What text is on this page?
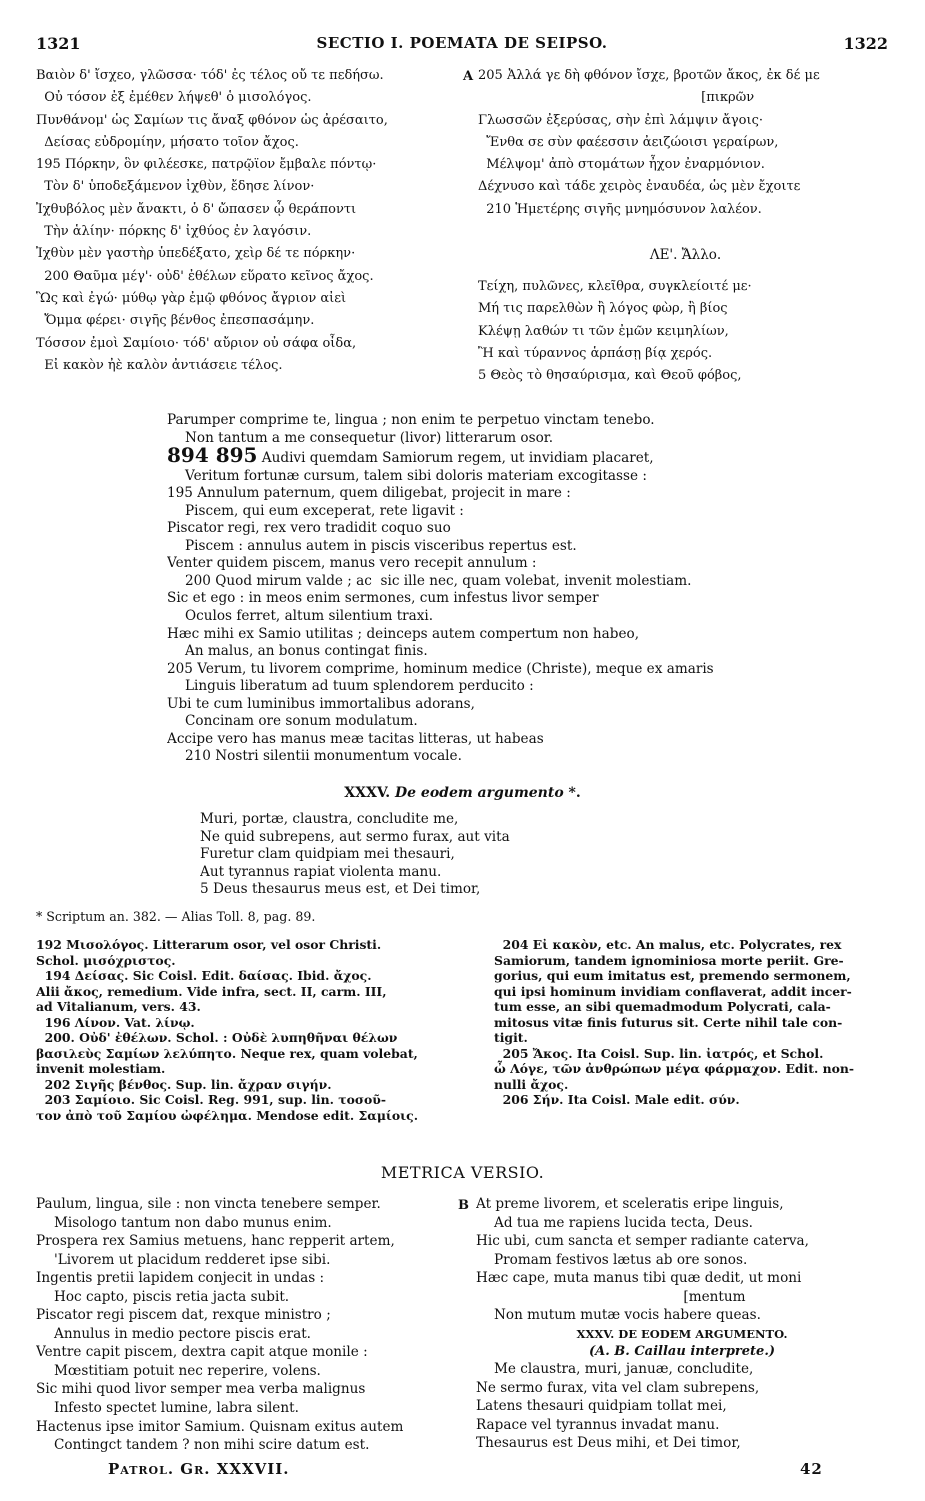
1321	SECTIO I. POEMATA DE SEIPSO.	1322
Βαιὸν δ' ἴσχεο, γλῶσσα· τόδ' ἐς τέλος οὔ τε πεδήσω.
Οὐ τόσον ἐξ ἐμέθεν λήψεθ' ὁ μισολόγος.
Πυνθάνομ' ὡς Σαμίων τις ἄναξ φθόνον ὡς ἀρέσαιτο,
Δείσας εὐδρομίην, μήσατο τοῖον ἄχος.
195 Πόρκην, ὃν φιλέεσκε, πατρῷϊον ἔμβαλε πόντῳ·
Τὸν δ' ὑποδεξάμενον ἰχθὺν, ἔδησε λίνον·
Ἰχθυβόλος μὲν ἄνακτι, ὁ δ' ὤπασεν ᾧ θεράποντι
Τὴν ἁλίην· πόρκης δ' ἰχθύος ἐν λαγόσιν.
Ἰχθὺν μὲν γαστὴρ ὑπεδέξατο, χεὶρ δέ τε πόρκην·
200 Θαῦμα μέγ'· οὐδ' ἐθέλων εὕρατο κεῖνος ἄχος.
Ὣς καὶ ἐγώ· μύθῳ γὰρ ἐμῷ φθόνος ἄγριον αἰεὶ
Ὄμμα φέρει· σιγῆς βένθος ἐπεσπασάμην.
Τόσσον ἐμοὶ Σαμίοιο· τόδ' αὔριον οὐ σάφα οἶδα,
Εἰ κακὸν ἠὲ καλὸν ἀντιάσειε τέλος.
A 205 Ἀλλά γε δὴ φθόνον ἴσχε, βροτῶν ἄκος, ἐκ δέ με
[πικρῶν
Γλωσσῶν ἐξερύσας, σὴν ἐπὶ λάμψιν ἄγοις·
Ἔνθα σε σὺν φαέεσσιν ἀειζώοισι γεραίρων,
Μέλψομ' ἀπὸ στομάτων ἦχον ἐναρμόνιον.
Δέχνυσο καὶ τάδε χειρὸς ἐναυδέα, ὡς μὲν ἔχοιτε
210 Ἡμετέρης σιγῆς μνημόσυνον λαλέον.
ΛΕ'. Ἄλλο.
Τείχη, πυλῶνες, κλεῖθρα, συγκλείοιτέ με·
Μή τις παρελθὼν ἢ λόγος φὼρ, ἢ βίος
Κλέψῃ λαθών τι τῶν ἐμῶν κειμηλίων,
Ἢ καὶ τύραννος ἁρπάσῃ βίᾳ χερός.
5 Θεὸς τὸ θησαύρισμα, καὶ Θεοῦ φόβος,
Parumper comprime te, lingua ; non enim te perpetuo vinctam tenebo.
Non tantum a me consequetur (livor) litterarum osor.
894 895 Audivi quemdam Samiorum regem, ut invidiam placaret,
Veritum fortunæ cursum, talem sibi doloris materiam excogitasse :
195 Annulum paternum, quem diligebat, projecit in mare :
Piscem, qui eum exceperat, rete ligavit :
Piscator regi, rex vero tradidit coquo suo
Piscem : annulus autem in piscis visceribus repertus est.
Venter quidem piscem, manus vero recepit annulum :
200 Quod mirum valde ; ac  sic ille nec, quam volebat, invenit molestiam.
Sic et ego : in meos enim sermones, cum infestus livor semper
Oculos ferret, altum silentium traxi.
Hæc mihi ex Samio utilitas ; deinceps autem compertum non habeo,
An malus, an bonus contingat finis.
205 Verum, tu livorem comprime, hominum medice (Christe), meque ex amaris
Linguis liberatum ad tuum splendorem perducito :
Ubi te cum luminibus immortalibus adorans,
Concinam ore sonum modulatum.
Accipe vero has manus meæ tacitas litteras, ut habeas
210 Nostri silentii monumentum vocale.
XXXV. De eodem argumento *.
Muri, portæ, claustra, concludite me,
Ne quid subrepens, aut sermo furax, aut vita
Furetur clam quidpiam mei thesauri,
Aut tyrannus rapiat violenta manu.
5 Deus thesaurus meus est, et Dei timor,
* Scriptum an. 382. — Alias Toll. 8, pag. 89.
192 Μισολόγος. Litterarum osor, vel osor Christi.
Schol. μισόχριστος.
194 Δείσας. Sic Coisl. Edit. δαίσας. Ibid. ἄχος.
Alii ἄκος, remedium. Vide infra, sect. II, carm. III,
ad Vitalianum, vers. 43.
196 Λίνον. Vat. λίνῳ.
200. Οὐδ' ἐθέλων. Schol. : Οὐδὲ λυπηθῆναι θέλων
βασιλεὺς Σαμίων λελύπητο. Neque rex, quam volebat,
invenit molestiam.
202 Σιγῆς βένθος. Sup. lin. ἄχραν σιγήν.
203 Σαμίοιο. Sic Coisl. Reg. 991, sup. lin. τοσοῦ-
τον ἀπὸ τοῦ Σαμίου ὠφέλημα. Mendose edit. Σαμίοις.
204 Εἰ κακὸν, etc. An malus, etc. Polycrates, rex
Samiorum, tandem ignominiosa morte periit. Gre-
gorius, qui eum imitatus est, premendo sermonem,
qui ipsi hominum invidiam conflaverat, addit incer-
tum esse, an sibi quemadmodum Polycrati, cala-
mitosus vitæ finis futurus sit. Certe nihil tale con-
tigit.
205 Ἄκος. Ita Coisl. Sup. lin. ἰατρός, et Schol.
ὦ Λόγε, τῶν ἀνθρώπων μέγα φάρμαχον. Edit. non-
nulli ἄχος.
206 Σήν. Ita Coisl. Male edit. σύν.
METRICA VERSIO.
Paulum, lingua, sile : non vincta tenebere semper.
Misologo tantum non dabo munus enim.
Prospera rex Samius metuens, hanc repperit artem,
'Livorem ut placidum redderet ipse sibi.
Ingentis pretii lapidem conjecit in undas :
Hoc capto, piscis retia jacta subit.
Piscator regi piscem dat, rexque ministro ;
Annulus in medio pectore piscis erat.
Ventre capit piscem, dextra capit atque monile :
Mœstitiam potuit nec reperire, volens.
Sic mihi quod livor semper mea verba malignus
Infesto spectet lumine, labra silent.
Hactenus ipse imitor Samium. Quisnam exitus autem
Contingct tandem ? non mihi scire datum est.
B At preme livorem, et sceleratis eripe linguis,
Ad tua me rapiens lucida tecta, Deus.
Hic ubi, cum sancta et semper radiante caterva,
Promam festivos lætus ab ore sonos.
Hæc cape, muta manus tibi quæ dedit, ut moni
[mentum
Non mutum mutæ vocis habere queas.
XXXV. DE EODEM ARGUMENTO.
(A. B. Caillau interprete.)
Me claustra, muri, januæ, concludite,
Ne sermo furax, vita vel clam subrepens,
Latens thesauri quidpiam tollat mei,
Rapace vel tyrannus invadat manu.
Thesaurus est Deus mihi, et Dei timor,
Patrol. Gr. XXXVII.	42
